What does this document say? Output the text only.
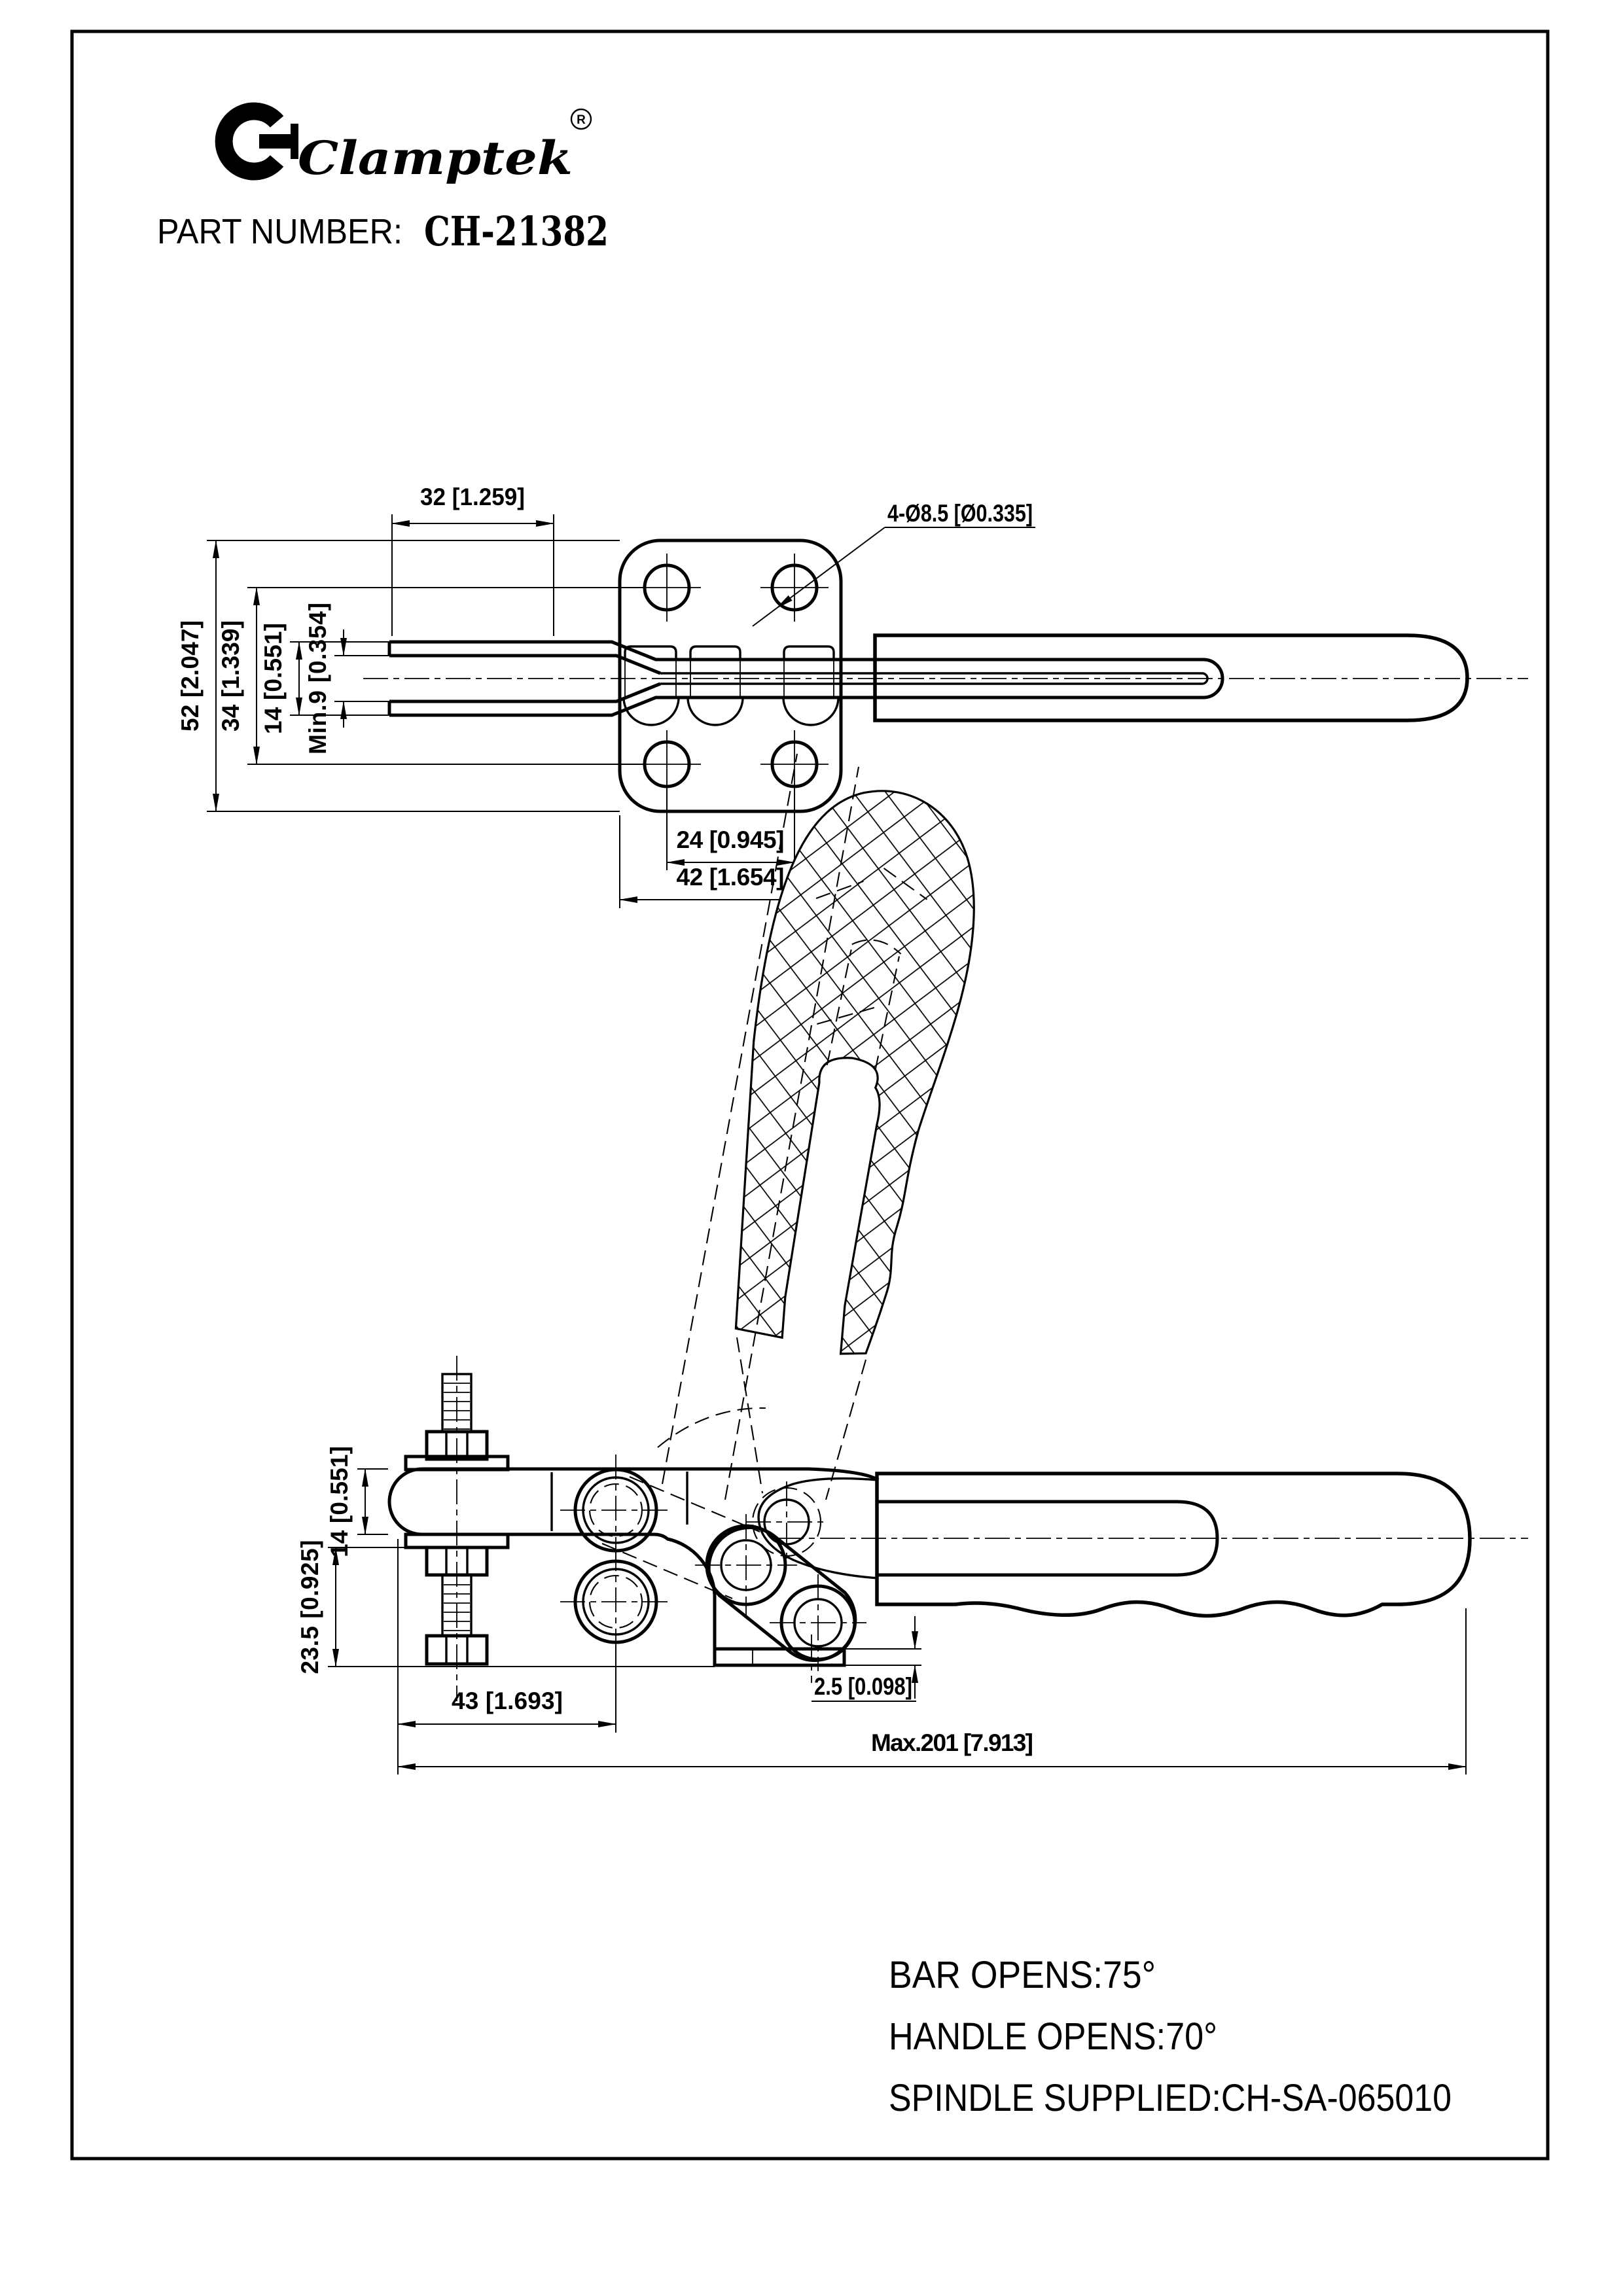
Clamptek
R
PART NUMBER: CH-21382
32 [1.259]
52 [2.047]
34 [1.339]
14 [0.551]
Min.9 [0.354]
24 [0.945]
42 [1.654]
4-Ø8.5 [Ø0.335]
14 [0.551]
23.5 [0.925]
43 [1.693]
Max.201 [7.913]
2.5 [0.098]
BAR OPENS:75°
HANDLE OPENS:70°
SPINDLE SUPPLIED:CH-SA-065010
